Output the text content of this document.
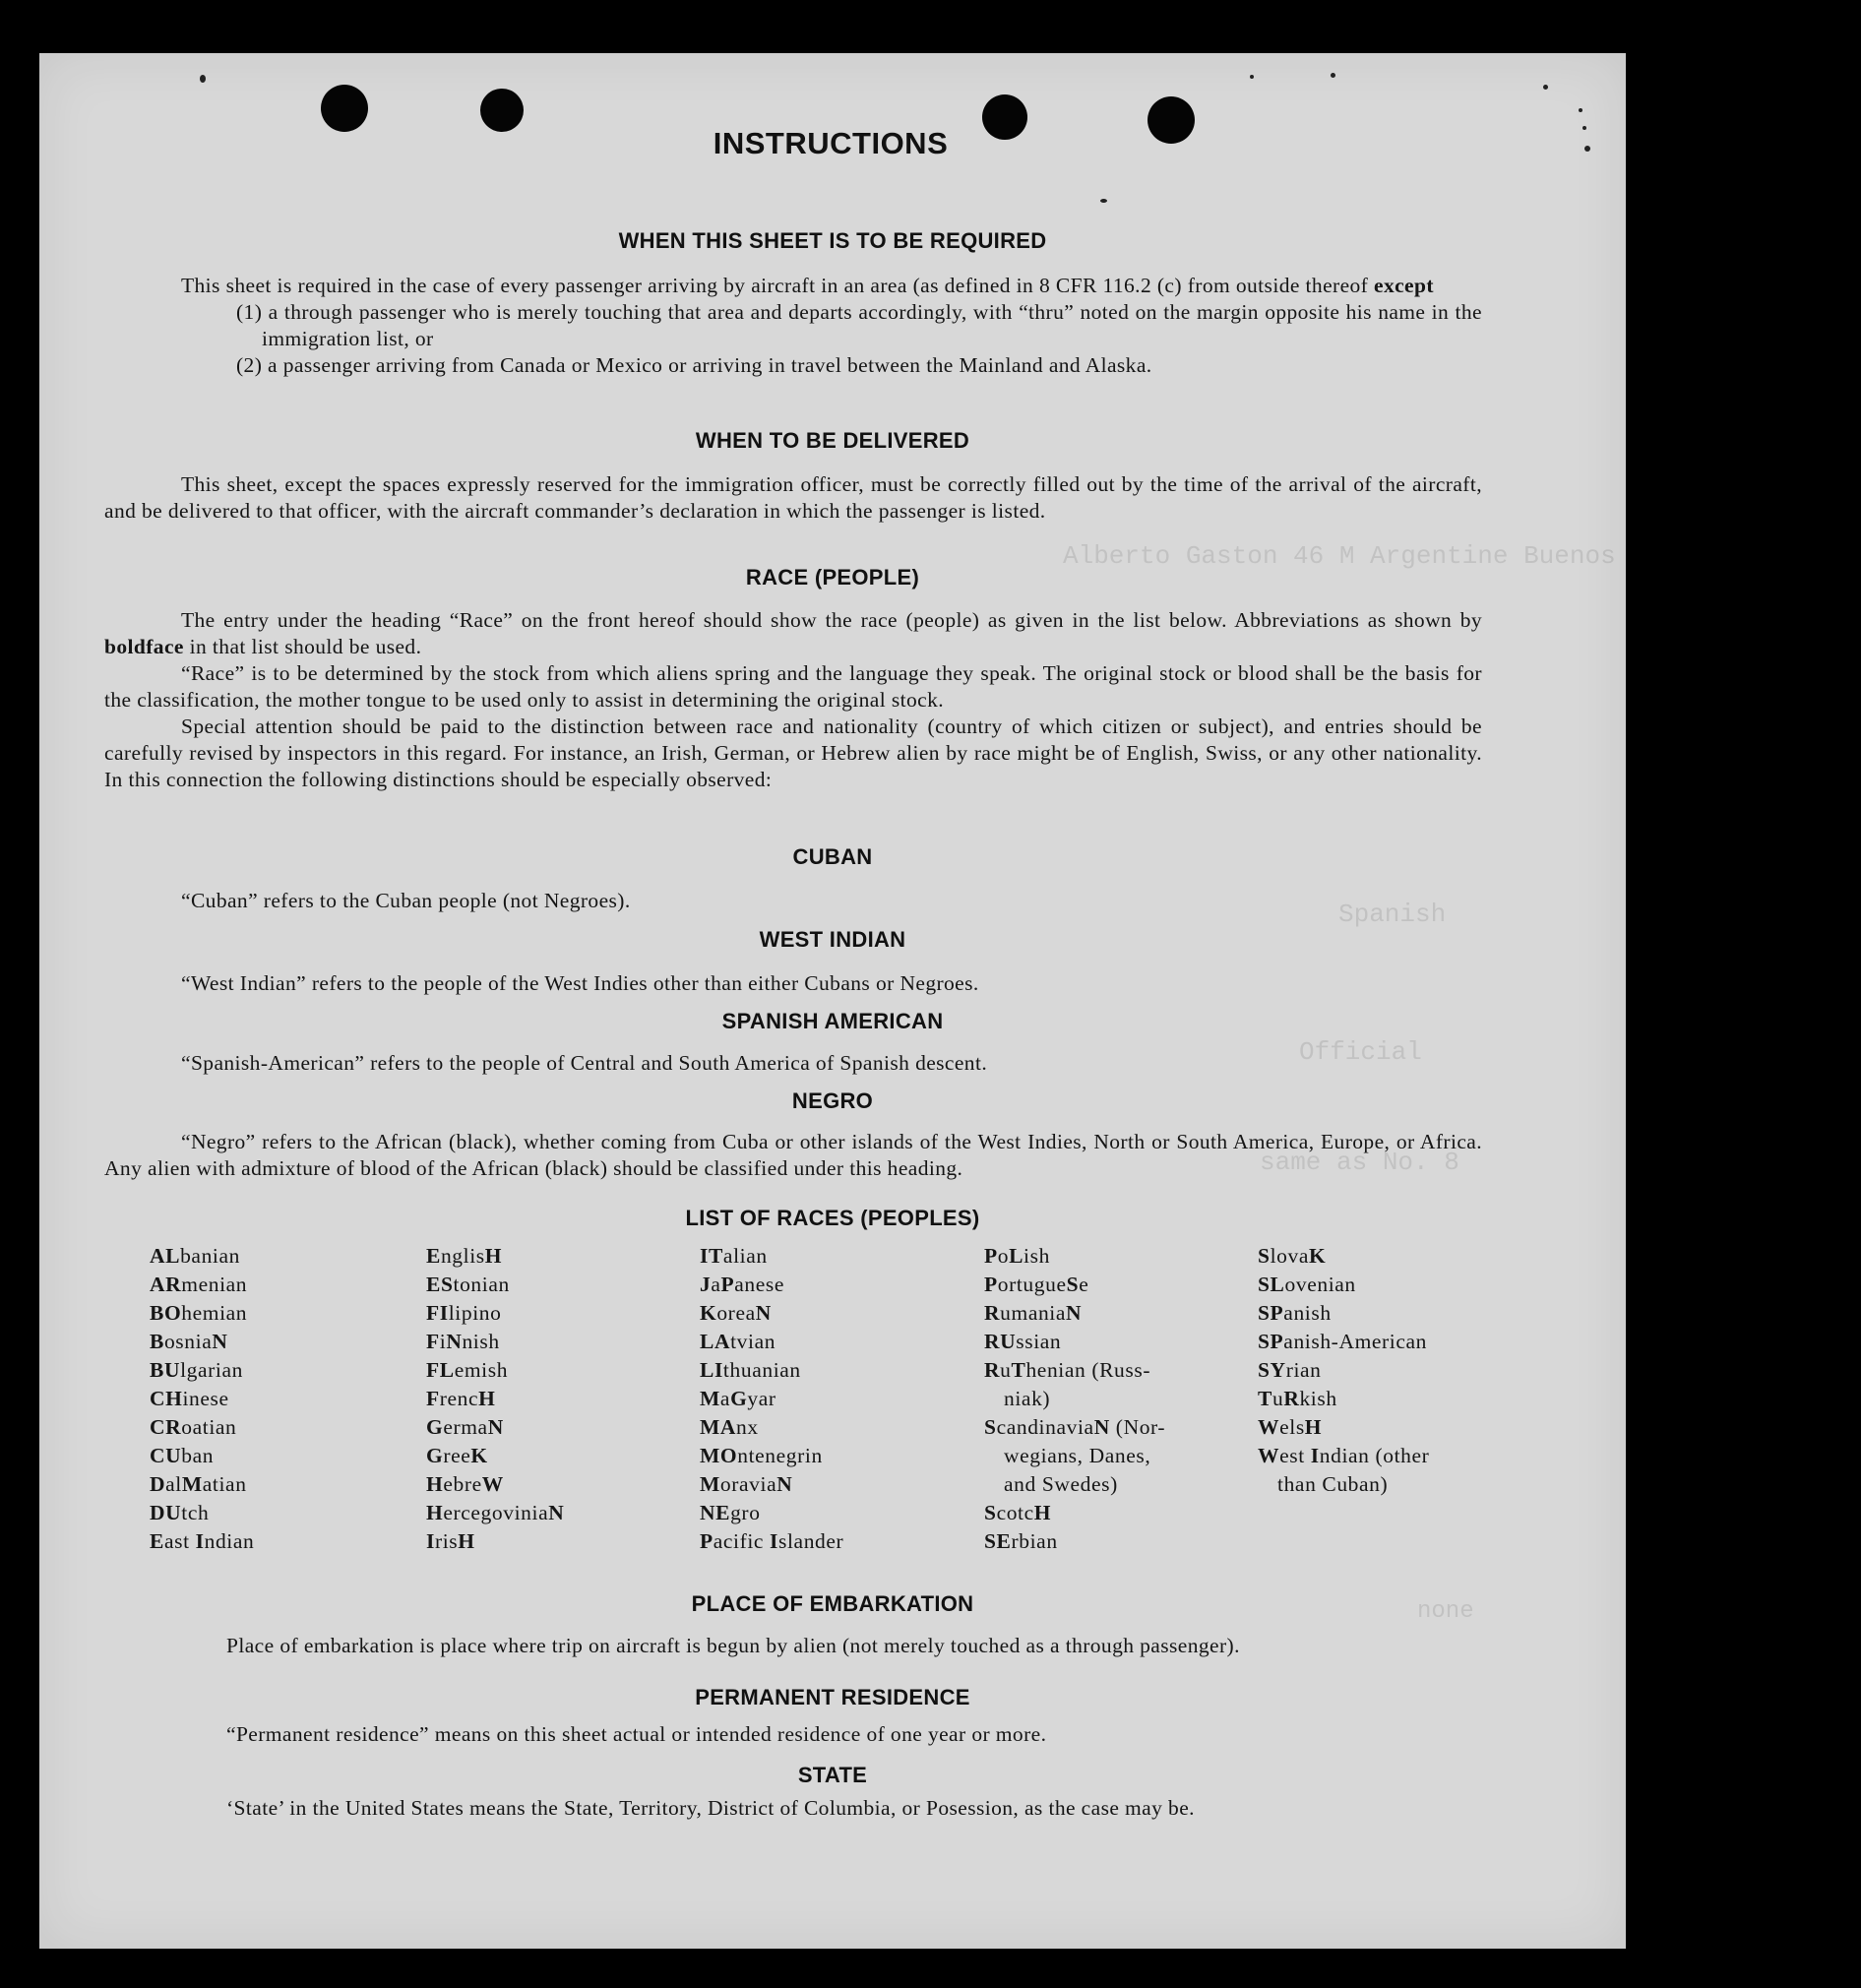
Alberto Gaston 46 M Argentine Buenos Aires Argentina
Spanish
Official
same as No. 8
none
INSTRUCTIONS
WHEN THIS SHEET IS TO BE REQUIRED

This sheet is required in the case of every passenger arriving by aircraft in an area (as defined in 8 CFR 116.2 (c) from outside thereof except

(1) a through passenger who is merely touching that area and departs accordingly, with “thru” noted on the margin opposite his name in the immigration list, or

(2) a passenger arriving from Canada or Mexico or arriving in travel between the Mainland and Alaska.

WHEN TO BE DELIVERED

This sheet, except the spaces expressly reserved for the immigration officer, must be correctly filled out by the time of the arrival of the aircraft, and be delivered to that officer, with the aircraft commander’s declaration in which the passenger is listed.

RACE (PEOPLE)

The entry under the heading “Race” on the front hereof should show the race (people) as given in the list below. Abbreviations as shown by boldface in that list should be used.

“Race” is to be determined by the stock from which aliens spring and the language they speak. The original stock or blood shall be the basis for the classification, the mother tongue to be used only to assist in determining the original stock.

Special attention should be paid to the distinction between race and nationality (country of which citizen or subject), and entries should be carefully revised by inspectors in this regard. For instance, an Irish, German, or Hebrew alien by race might be of English, Swiss, or any other nationality. In this connection the following distinctions should be especially observed:

CUBAN

“Cuban” refers to the Cuban people (not Negroes).

WEST INDIAN

“West Indian” refers to the people of the West Indies other than either Cubans or Negroes.

SPANISH AMERICAN

“Spanish-American” refers to the people of Central and South America of Spanish descent.

NEGRO

“Negro” refers to the African (black), whether coming from Cuba or other islands of the West Indies, North or South America, Europe, or Africa. Any alien with admixture of blood of the African (black) should be classified under this heading.

LIST OF RACES (PEOPLES)
ALbanian
ARmenian
BOhemian
BosniaN
BUlgarian
CHinese
CRoatian
CUban
DalMatian
DUtch
East Indian
EnglisH
EStonian
FIlipino
FiNnish
FLemish
FrencH
GermaN
GreeK
HebreW
HercegoviniaN
IrisH
ITalian
JaPanese
KoreaN
LAtvian
LIthuanian
MaGyar
MAnx
MOntenegrin
MoraviaN
NEgro
Pacific Islander
PoLish
PortugueSe
RumaniaN
RUssian
RuThenian (Russ-
niak)
ScandinaviaN (Nor-
wegians, Danes,
and Swedes)
ScotcH
SErbian
SlovaK
SLovenian
SPanish
SPanish-American
SYrian
TuRkish
WelsH
West Indian (other
than Cuban)
PLACE OF EMBARKATION

Place of embarkation is place where trip on aircraft is begun by alien (not merely touched as a through passenger).

PERMANENT RESIDENCE

“Permanent residence” means on this sheet actual or intended residence of one year or more.

STATE

‘State’ in the United States means the State, Territory, District of Columbia, or Posession, as the case may be.
